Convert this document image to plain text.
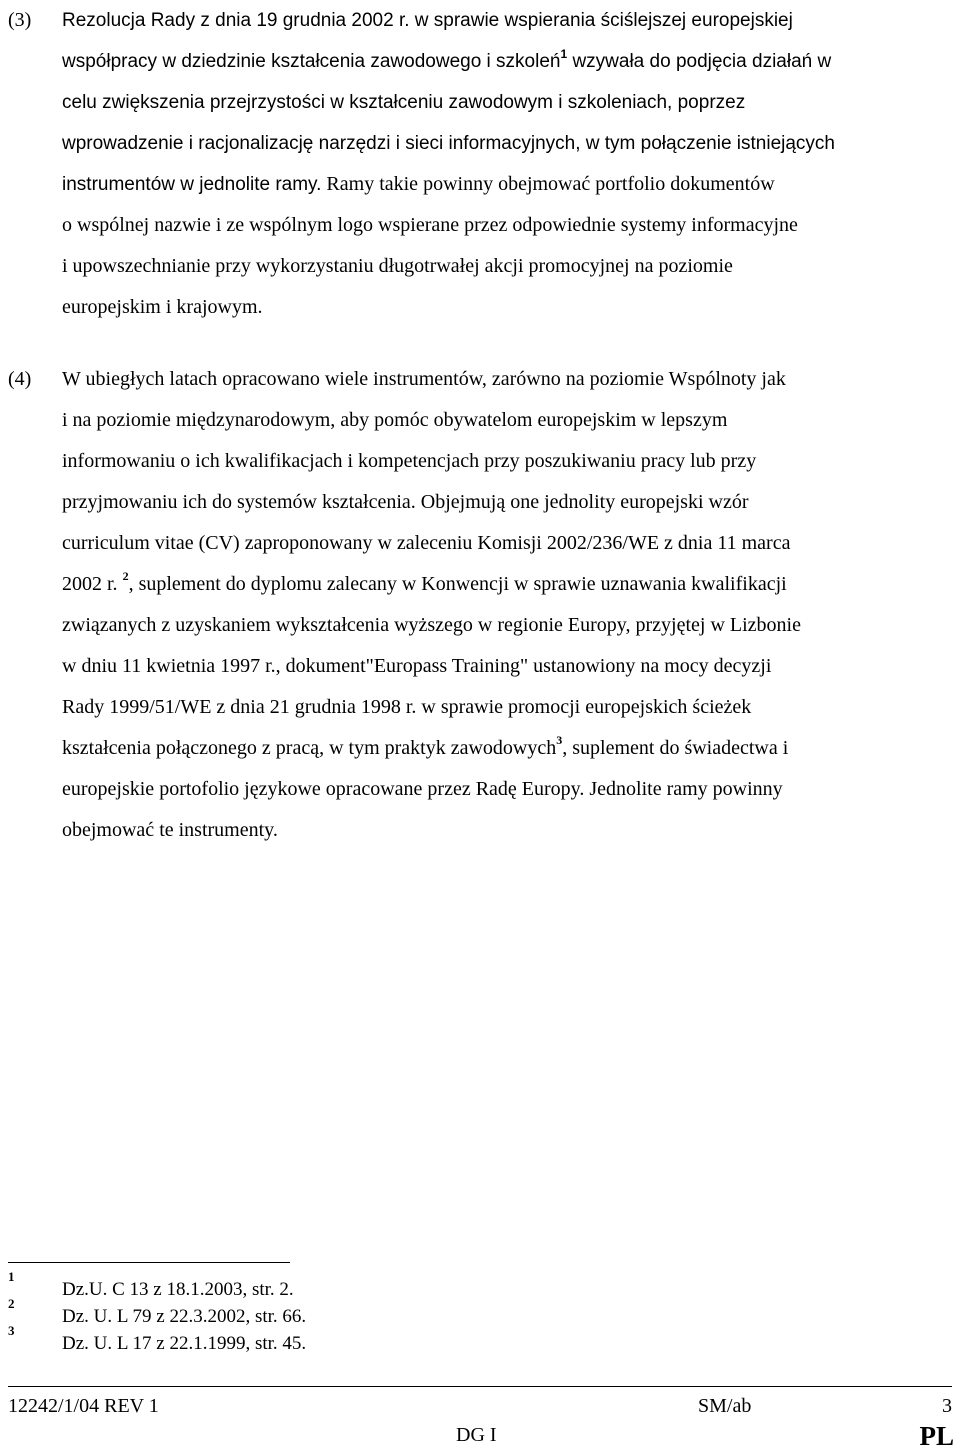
(3) Rezolucja Rady z dnia 19 grudnia 2002 r. w sprawie wspierania ściślejszej europejskiej
współpracy w dziedzinie kształcenia zawodowego i szkoleń$^1$ wzywała do podjęcia działań w
celu zwiększenia przejrzystości w kształceniu zawodowym i szkoleniach, poprzez
wprowadzenie i racjonalizację narzędzi i sieci informacyjnych, w tym połączenie istniejących
instrumentów w jednolite ramy. Ramy takie powinny obejmować portfolio dokumentów
o wspólnej nazwie i ze wspólnym logo wspierane przez odpowiednie systemy informacyjne
i upowszechnianie przy wykorzystaniu długotrwałej akcji promocyjnej na poziomie
europejskim i krajowym.
(4) W ubiegłych latach opracowano wiele instrumentów, zarówno na poziomie Wspólnoty jak
i na poziomie międzynarodowym, aby pomóc obywatelom europejskim w lepszym
informowaniu o ich kwalifikacjach i kompetencjach przy poszukiwaniu pracy lub przy
przyjmowaniu ich do systemów kształcenia. Objejmują one jednolity europejski wzór
curriculum vitae (CV) zaproponowany w zaleceniu Komisji 2002/236/WE z dnia 11 marca
2002 r. $^2$, suplement do dyplomu zalecany w Konwencji w sprawie uznawania kwalifikacji
związanych z uzyskaniem wykształcenia wyższego w regionie Europy, przyjętej w Lizbonie
w dniu 11 kwietnia 1997 r., dokument"Europass Training" ustanowiony na mocy decyzji
Rady 1999/51/WE z dnia 21 grudnia 1998 r. w sprawie promocji europejskich ścieżek
kształcenia połączonego z pracą, w tym praktyk zawodowych$^3$, suplement do świadectwa i
europejskie portofolio językowe opracowane przez Radę Europy. Jednolite ramy powinny
obejmować te instrumenty.
1
Dz.U. C 13 z 18.1.2003, str. 2.
2
Dz. U. L 79 z 22.3.2002, str. 66.
3
Dz. U. L 17 z 22.1.1999, str. 45.
12242/1/04 REV 1	SM/ab	3
DG I	PL
